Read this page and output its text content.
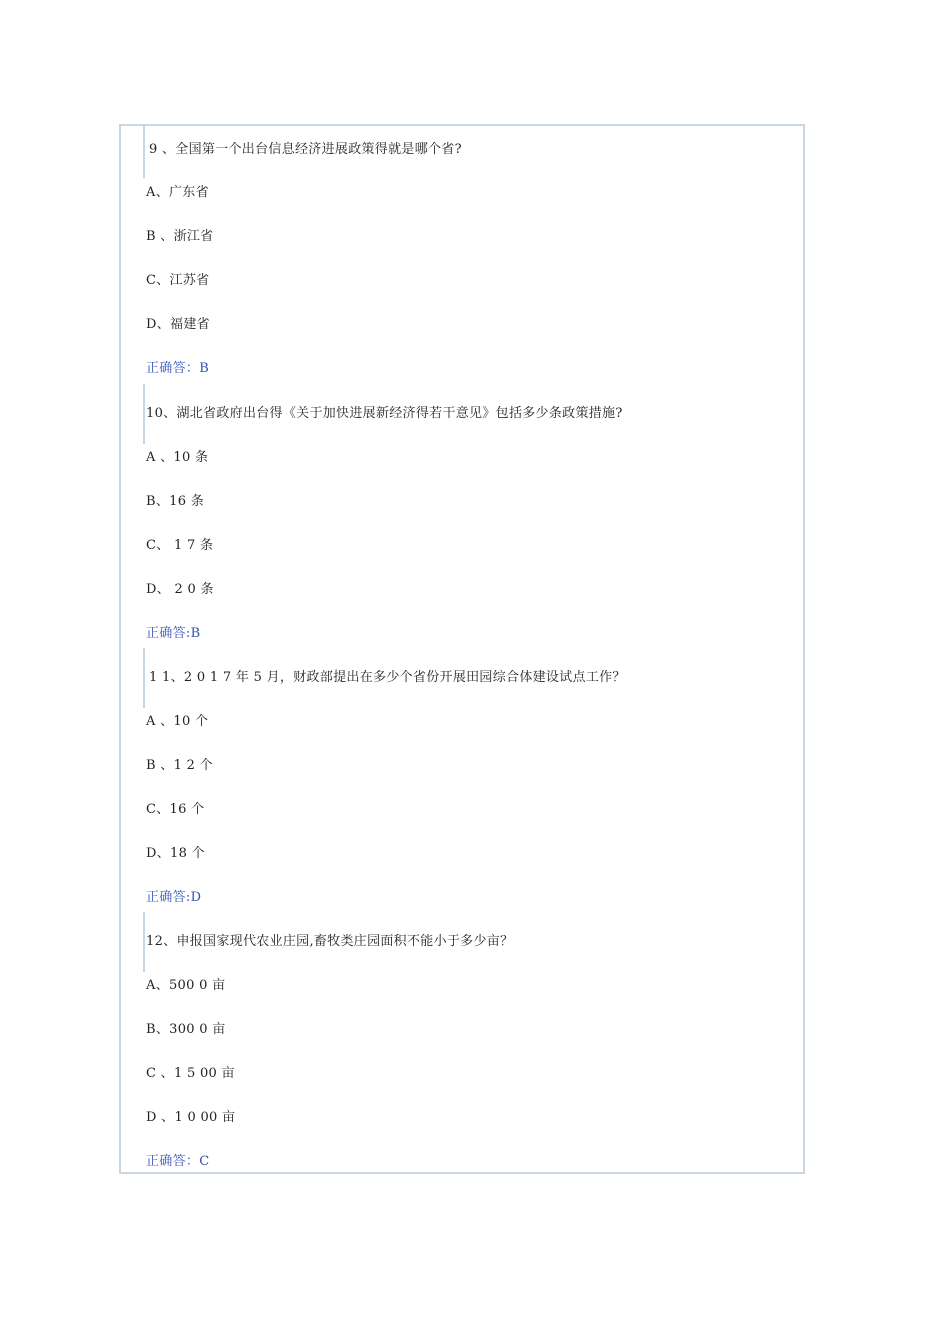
9 、全国第一个出台信息经济进展政策得就是哪个省?
A、广东省
B 、浙江省
C、江苏省
D、福建省
正确答：B
10、湖北省政府出台得《关于加快进展新经济得若干意见》包括多少条政策措施?
A 、10 条
B、16 条
C、 1 7 条
D、 2 0 条
正确答:B
1 1、2 0 1 7 年 5 月，财政部提出在多少个省份开展田园综合体建设试点工作？
A 、10 个
B 、1 2 个
C、16 个
D、18 个
正确答:D
12、申报国家现代农业庄园,畜牧类庄园面积不能小于多少亩？
A、500 0 亩
B、300 0 亩
C 、1 5 00 亩
D 、1 0 00 亩
正确答：C
